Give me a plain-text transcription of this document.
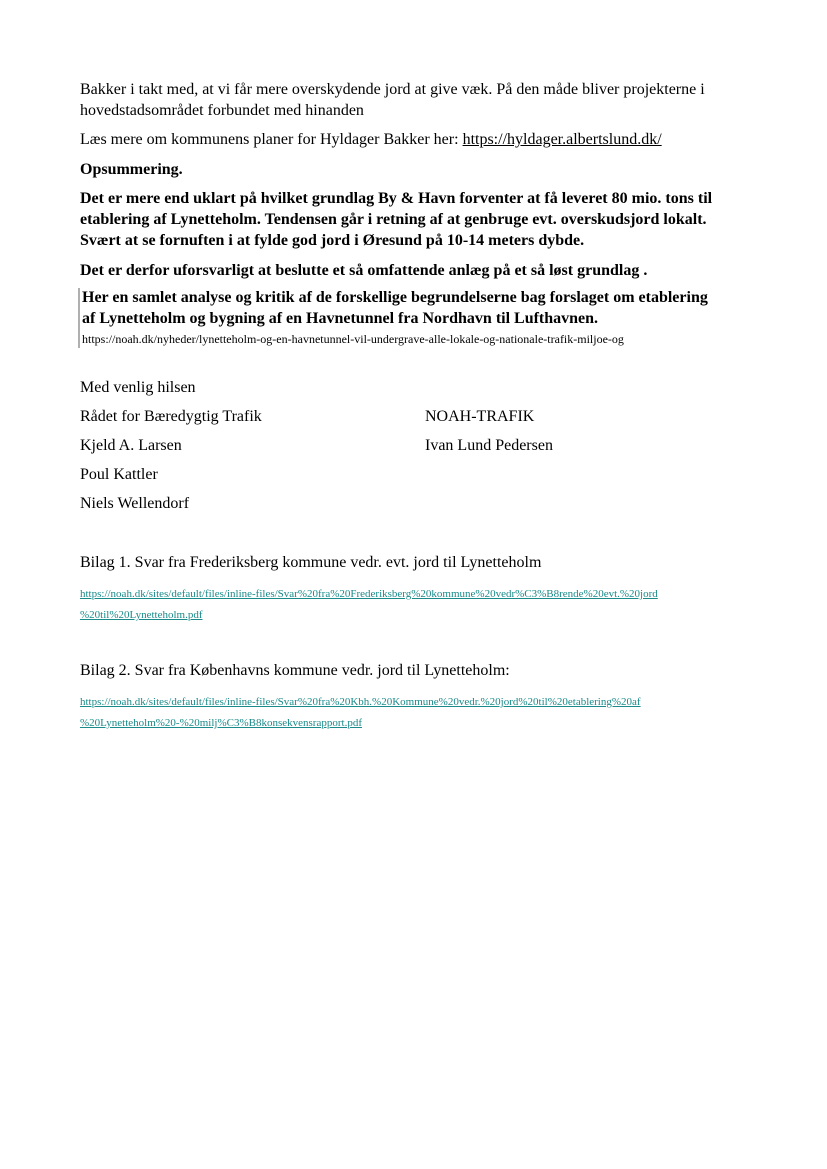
Bakker i takt med, at vi får mere overskydende jord at give væk. På den måde bliver projekterne i

hovedstadsområdet forbundet med hinanden

Læs mere om kommunens planer for Hyldager Bakker her: https://hyldager.albertslund.dk/

Opsummering.

Det er mere end uklart på hvilket grundlag By & Havn forventer at få leveret 80 mio. tons til

etablering af Lynetteholm. Tendensen går i retning af at genbruge evt. overskudsjord lokalt.

Svært at se fornuften i at fylde god jord i Øresund på 10-14 meters dybde.

Det er derfor uforsvarligt at beslutte et så omfattende anlæg på et så løst grundlag .

Her en samlet analyse og kritik af de forskellige begrundelserne bag forslaget om etablering

af Lynetteholm og bygning af en Havnetunnel fra Nordhavn til Lufthavnen.

https://noah.dk/nyheder/lynetteholm-og-en-havnetunnel-vil-undergrave-alle-lokale-og-nationale-trafik-miljoe-og

Med venlig hilsen

Rådet for Bæredygtig Trafik	NOAH-TRAFIK

Kjeld A. Larsen	Ivan Lund Pedersen

Poul Kattler

Niels Wellendorf

Bilag 1. Svar fra Frederiksberg kommune vedr. evt. jord til Lynetteholm

https://noah.dk/sites/default/files/inline-files/Svar%20fra%20Frederiksberg%20kommune%20vedr%C3%B8rende%20evt.%20jord
%20til%20Lynetteholm.pdf

Bilag 2. Svar fra Københavns kommune vedr. jord til Lynetteholm:

https://noah.dk/sites/default/files/inline-files/Svar%20fra%20Kbh.%20Kommune%20vedr.%20jord%20til%20etablering%20af
%20Lynetteholm%20-%20milj%C3%B8konsekvensrapport.pdf
